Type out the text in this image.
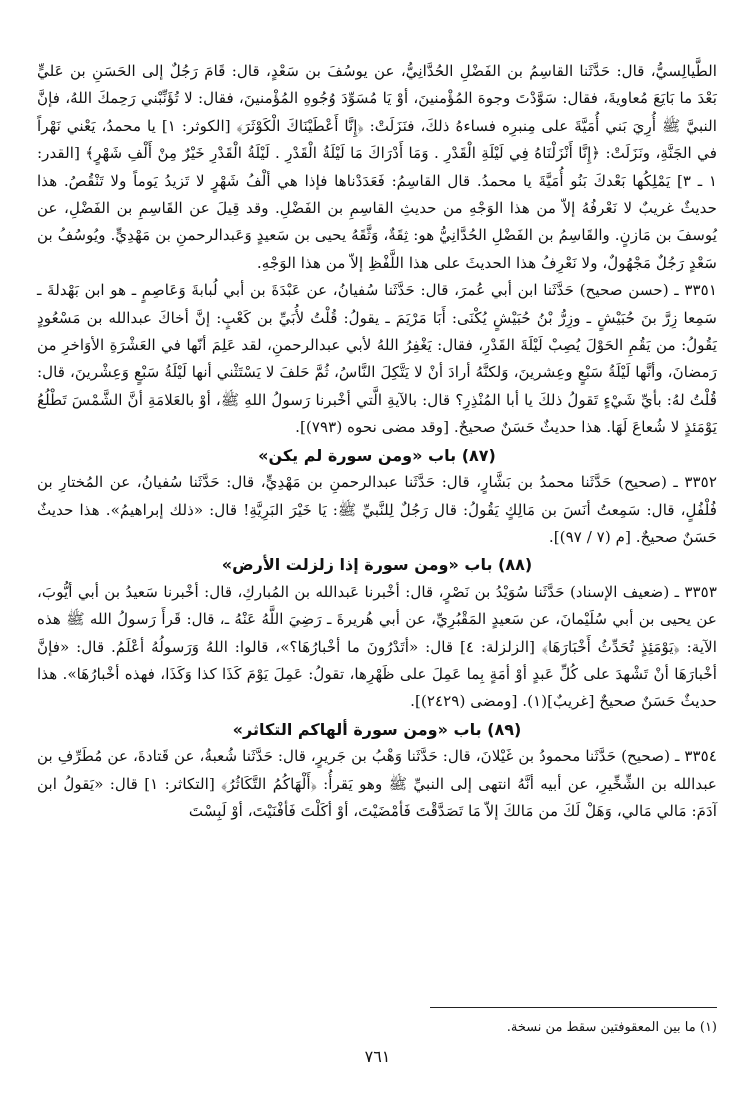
الطَّيالِسيُّ، قال: حَدَّثَنا القاسِمُ بن الفَضْلِ الحُدَّانِيُّ، عن يوسُفَ بن سَعْدٍ، قال: قَامَ رَجُلٌ إلى الحَسَنِ بن عَليٍّ بَعْدَ ما بَايَعَ مُعاويةَ، فقال: سَوَّدْتَ وجوهَ المُؤْمنينَ، أوْ يَا مُسَوِّدَ وُجُوهِ المُؤْمنينَ، فقال: لا تُؤَنِّبْني رَحِمكَ اللهُ، فإنَّ النبيَّ ﷺ أُرِيَ بَني أُمَيَّةَ على مِنبرِه فساءهُ ذلكَ، فنَزَلَتْ: ﴿إِنَّا أَعْطَيْنَاكَ الْكَوْثَرَ﴾ [الكوثر: ١] يا محمدُ، يَعْني نَهْراً في الجَنَّةِ، ونَزَلَتْ: ﴿إِنَّا أَنْزَلْنَاهُ فِي لَيْلَةِ الْقَدْرِ . وَمَا أَدْرَاكَ مَا لَيْلَةُ الْقَدْرِ . لَيْلَةُ الْقَدْرِ خَيْرٌ مِنْ أَلْفِ شَهْرٍ﴾ [القدر: ١ ـ ٣] يَمْلِكُها بَعْدكَ بَنُو أُمَيَّةَ يا محمدُ. قال القاسِمُ: فَعَدَدْناها فإذا هي ألْفُ شَهْرٍ لا تَزيدُ يَوماً ولا تَنْقُصُ. هذا حديثٌ غريبٌ لا نَعْرفُهُ إلاّ من هذا الوَجْهِ من حديثِ القاسِمِ بن الفَضْلِ. وقد قِيلَ عن القَاسِمِ بن الفَضْلِ، عن يُوسفَ بن مَازنٍ. والقَاسِمُ بن الفَضْلِ الحُدَّانِيُّ هو: ثِقَةٌ، وَثَّقَهُ يحيى بن سَعيدٍ وَعَبدالرحمنِ بن مَهْدِيٍّ. ويُوسُفُ بن سَعْدٍ رَجُلٌ مَجْهُولٌ، ولا نَعْرِفُ هذا الحديثَ على هذا اللَّفْظِ إلاّ من هذا الوَجْهِ.

٣٣٥١ ـ (حسن صحيح) حَدَّثَنا ابن أبي عُمرَ، قال: حَدَّثَنا سُفيانُ، عن عَبْدَةَ بن أبي لُبابةَ وَعَاصِمٍ ـ هو ابن بَهْدلةَ ـ سَمِعا زِرَّ بنَ حُبَيْشٍ ـ وزِرُّ بْنُ حُبَيْشٍ يُكْنَى: أَبَا مَرْيَمَ ـ يقولُ: قُلْتُ لأُبَيِّ بن كَعْبٍ: إنَّ أخاكَ عبدالله بن مَسْعُودٍ يَقُولُ: من يَقُمِ الحَوْلَ يُصِبْ لَيْلَةَ القَدْرِ، فقال: يَغْفِرُ اللهُ لأبي عبدالرحمنِ، لقد عَلِمَ أنّها في العَشْرَةِ الأوَاخرِ من رَمضانَ، وأنَّها لَيْلَةُ سَبْعٍ وعِشرينَ، وَلكنَّهُ أرادَ أنْ لا يَتَّكِلَ النَّاسُ، ثُمَّ حَلفَ لا يَسْتَثْني أنها لَيْلَةُ سَبْعٍ وَعِشْرينَ، قال: قُلْتُ لهُ: بأيِّ شَيْءٍ تَقولُ ذلكَ يا أبا المُنْذِرِ؟ قال: بالآيةِ الَّتي أخْبرنا رَسولُ اللهِ ﷺ، أوْ بالعَلامَةِ أنَّ الشَّمْسَ تَطْلُعُ يَوْمَئذٍ لا شُعاعَ لَهَا. هذا حديثٌ حَسَنٌ صحيحٌ. [وقد مضى نحوه (٧٩٣)].

(٨٧) باب «ومن سورة لم يكن»

٣٣٥٢ ـ (صحيح) حَدَّثَنا محمدُ بن بَشَّارٍ، قال: حَدَّثَنا عبدالرحمنِ بن مَهْدِيٍّ، قال: حَدَّثَنا سُفيانُ، عن المُختارِ بن فُلْفُلٍ، قال: سَمِعتُ أنَسَ بن مَالِكٍ يَقُولُ: قال رَجُلٌ لِلنَّبيِّ ﷺ: يَا خَيْرَ البَرِيَّةِ! قال: «ذلك إبراهيمُ». هذا حديثٌ حَسَنٌ صحيحٌ. [م (٧ / ٩٧)].

(٨٨) باب «ومن سورة إذا زلزلت الأرض»

٣٣٥٣ ـ (ضعيف الإسناد) حَدَّثَنا سُوَيْدُ بن نَصْرٍ، قال: أخْبرنا عَبدالله بن المُباركِ، قال: أخْبرنا سَعيدُ بن أبي أيُّوبَ، عن يحيى بن أبي سُلَيْمانَ، عن سَعيدٍ المَقْبُرِيِّ، عن أبي هُريرةَ ـ رَضِيَ اللَّهُ عَنْهُ ـ، قال: قَرأَ رَسولُ الله ﷺ هذه الآية: ﴿يَوْمَئِذٍ تُحَدِّثُ أَخْبَارَهَا﴾ [الزلزلة: ٤] قال: «أتَدْرُونَ ما أخْبارُهَا؟»، قالوا: اللهُ وَرَسولُهُ أعْلَمُ. قال: «فإنَّ أخْبارَهَا أنْ تَشْهدَ على كُلِّ عَبدٍ أوْ أمَةٍ بِما عَمِلَ على ظَهْرِها، تقولُ: عَمِلَ يَوْمَ كَذَا كذا وَكَذَا، فهذه أخْبارُهَا». هذا حديثٌ حَسَنٌ صحيحٌ [غريبٌ](١). [ومضى (٢٤٢٩)].

(٨٩) باب «ومن سورة ألهاكم التكاثر»

٣٣٥٤ ـ (صحيح) حَدَّثَنا محمودُ بن غَيْلانَ، قال: حَدَّثَنا وَهْبُ بن جَريرٍ، قال: حَدَّثَنا شُعبةُ، عن قَتادةَ، عن مُطَرِّفِ بن عبدالله بن الشِّخِّيرِ، عن أبيه أنَّهُ انتهى إلى النبيِّ ﷺ وهو يَقرأُ: ﴿أَلْهَاكُمُ التَّكَاثُرُ﴾ [التكاثر: ١] قال: «يَقولُ ابن آدَمَ: مَالي مَالي، وَهَلْ لَكَ من مَالكَ إلاّ مَا تَصَدَّقْتَ فَأمْضَيْتَ، أوْ أكَلْتَ فَأفْنَيْتَ، أوْ لَبِسْتَ

(١) ما بين المعقوفتين سقط من نسخة.
٧٦١
